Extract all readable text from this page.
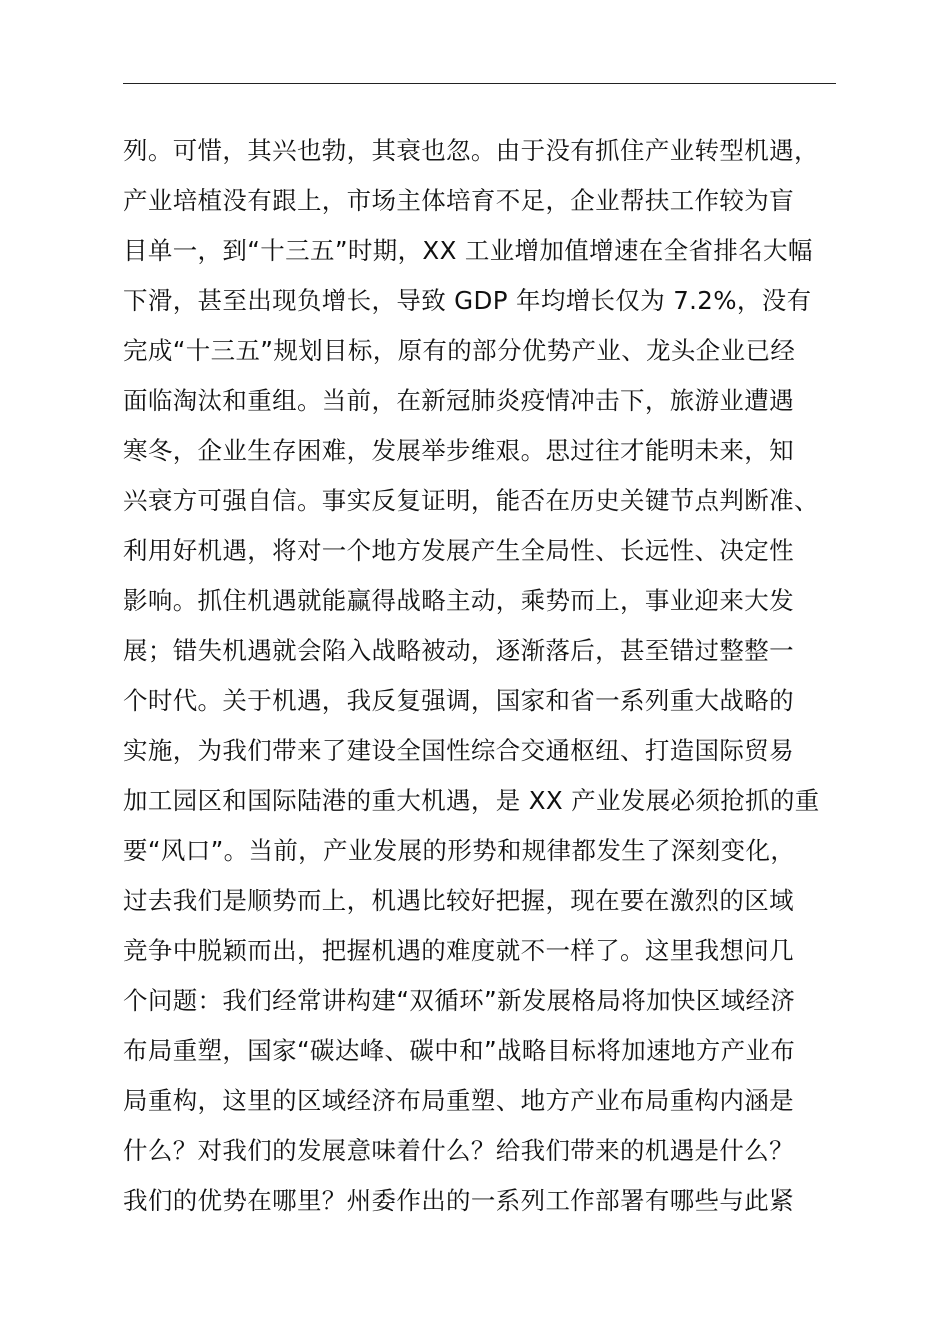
列。可惜，其兴也勃，其衰也忽。由于没有抓住产业转型机遇，
产业培植没有跟上，市场主体培育不足，企业帮扶工作较为盲
目单一，到“十三五”时期，XX 工业增加值增速在全省排名大幅
下滑，甚至出现负增长，导致 GDP 年均增长仅为 7.2%，没有
完成“十三五”规划目标，原有的部分优势产业、龙头企业已经
面临淘汰和重组。当前，在新冠肺炎疫情冲击下，旅游业遭遇
寒冬，企业生存困难，发展举步维艰。思过往才能明未来，知
兴衰方可强自信。事实反复证明，能否在历史关键节点判断准、
利用好机遇，将对一个地方发展产生全局性、长远性、决定性
影响。抓住机遇就能赢得战略主动，乘势而上，事业迎来大发
展；错失机遇就会陷入战略被动，逐渐落后，甚至错过整整一
个时代。关于机遇，我反复强调，国家和省一系列重大战略的
实施，为我们带来了建设全国性综合交通枢纽、打造国际贸易
加工园区和国际陆港的重大机遇，是 XX 产业发展必须抢抓的重
要“风口”。当前，产业发展的形势和规律都发生了深刻变化，
过去我们是顺势而上，机遇比较好把握，现在要在激烈的区域
竞争中脱颖而出，把握机遇的难度就不一样了。这里我想问几
个问题：我们经常讲构建“双循环”新发展格局将加快区域经济
布局重塑，国家“碳达峰、碳中和”战略目标将加速地方产业布
局重构，这里的区域经济布局重塑、地方产业布局重构内涵是
什么？对我们的发展意味着什么？给我们带来的机遇是什么？
我们的优势在哪里？州委作出的一系列工作部署有哪些与此紧
